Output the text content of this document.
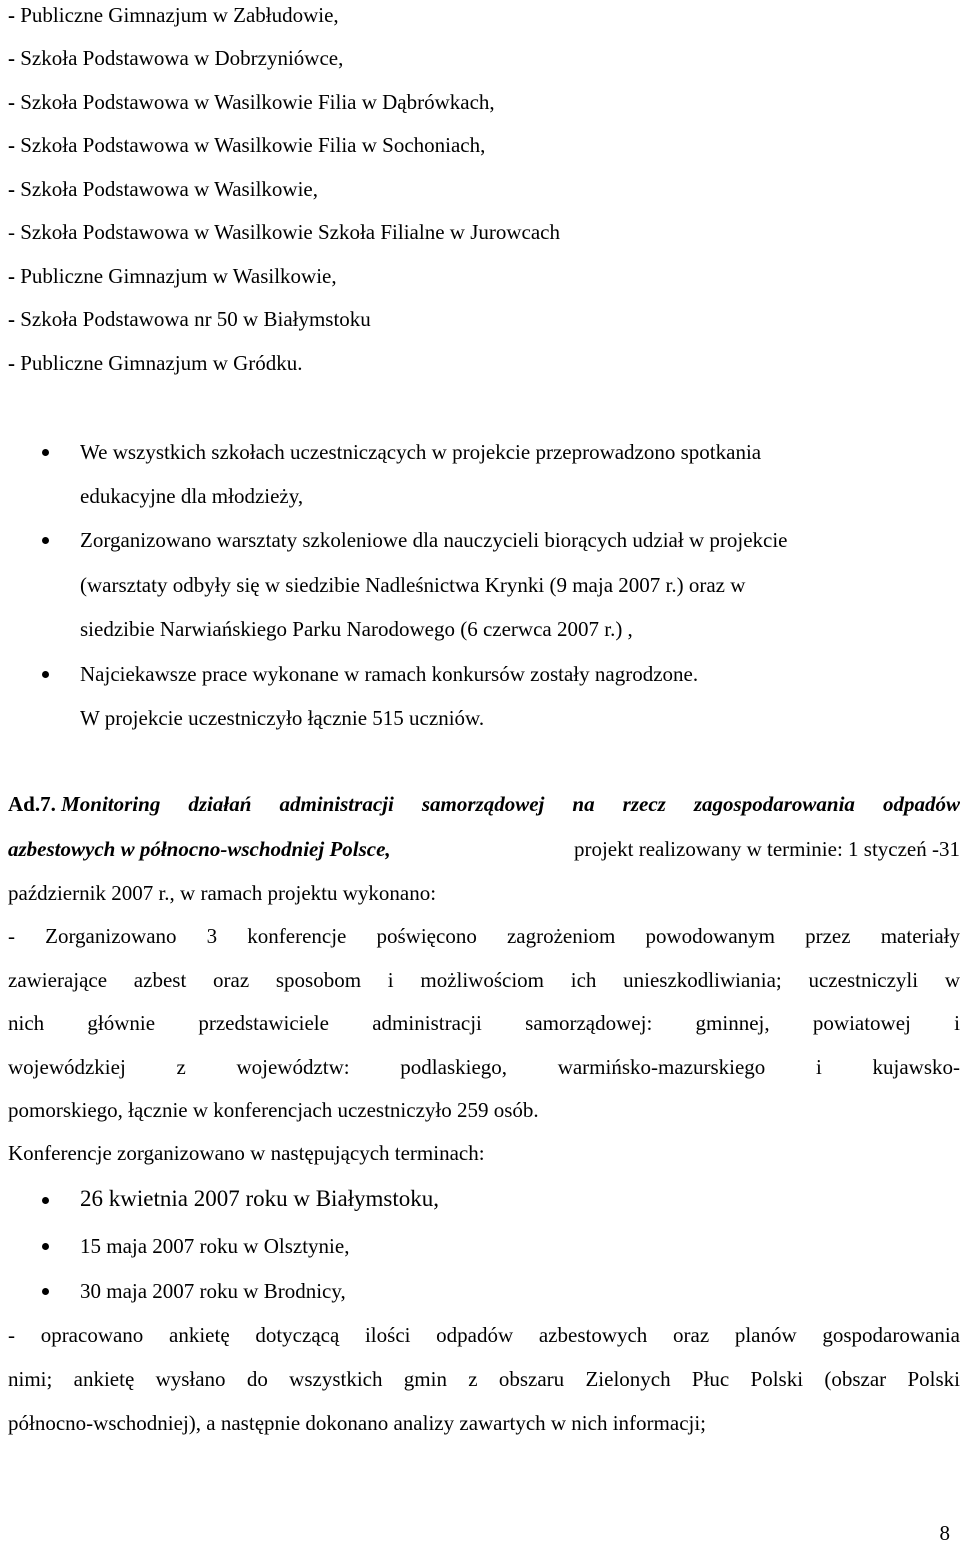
- Publiczne Gimnazjum w Zabłudowie,
- Szkoła Podstawowa w Dobrzyniówce,
- Szkoła Podstawowa w Wasilkowie Filia w Dąbrówkach,
- Szkoła Podstawowa w Wasilkowie Filia w Sochoniach,
- Szkoła Podstawowa w Wasilkowie,
- Szkoła Podstawowa w Wasilkowie Szkoła Filialne w Jurowcach
- Publiczne Gimnazjum w Wasilkowie,
- Szkoła Podstawowa nr 50 w Białymstoku
- Publiczne Gimnazjum w Gródku.
We wszystkich szkołach uczestniczących w projekcie przeprowadzono spotkania
edukacyjne dla młodzieży,
Zorganizowano warsztaty szkoleniowe dla nauczycieli biorących udział w projekcie
(warsztaty odbyły się w siedzibie Nadleśnictwa Krynki (9 maja 2007 r.) oraz w
siedzibie Narwiańskiego Parku Narodowego (6 czerwca 2007 r.) ,
Najciekawsze prace wykonane w ramach konkursów zostały nagrodzone.
W projekcie uczestniczyło łącznie 515 uczniów.
Ad.7.
Monitoring działań administracji samorządowej na rzecz zagospodarowania odpadów
azbestowych w północno-wschodniej Polsce,	projekt realizowany w terminie: 1 styczeń -31
październik 2007 r., w ramach projektu wykonano:
- Zorganizowano 3 konferencje poświęcono zagrożeniom powodowanym przez materiały
zawierające azbest oraz sposobom i możliwościom ich unieszkodliwiania; uczestniczyli w
nich głównie przedstawiciele administracji samorządowej: gminnej, powiatowej i
wojewódzkiej z województw: podlaskiego, warmińsko-mazurskiego i kujawsko-
pomorskiego, łącznie w konferencjach uczestniczyło 259 osób.
Konferencje zorganizowano w następujących terminach:
26 kwietnia 2007 roku w Białymstoku,
15 maja 2007 roku w Olsztynie,
30 maja 2007 roku w Brodnicy,
- opracowano ankietę dotyczącą ilości odpadów azbestowych oraz planów gospodarowania
nimi; ankietę wysłano do wszystkich gmin z obszaru Zielonych Płuc Polski (obszar Polski
północno-wschodniej), a następnie dokonano analizy zawartych w nich informacji;
8
